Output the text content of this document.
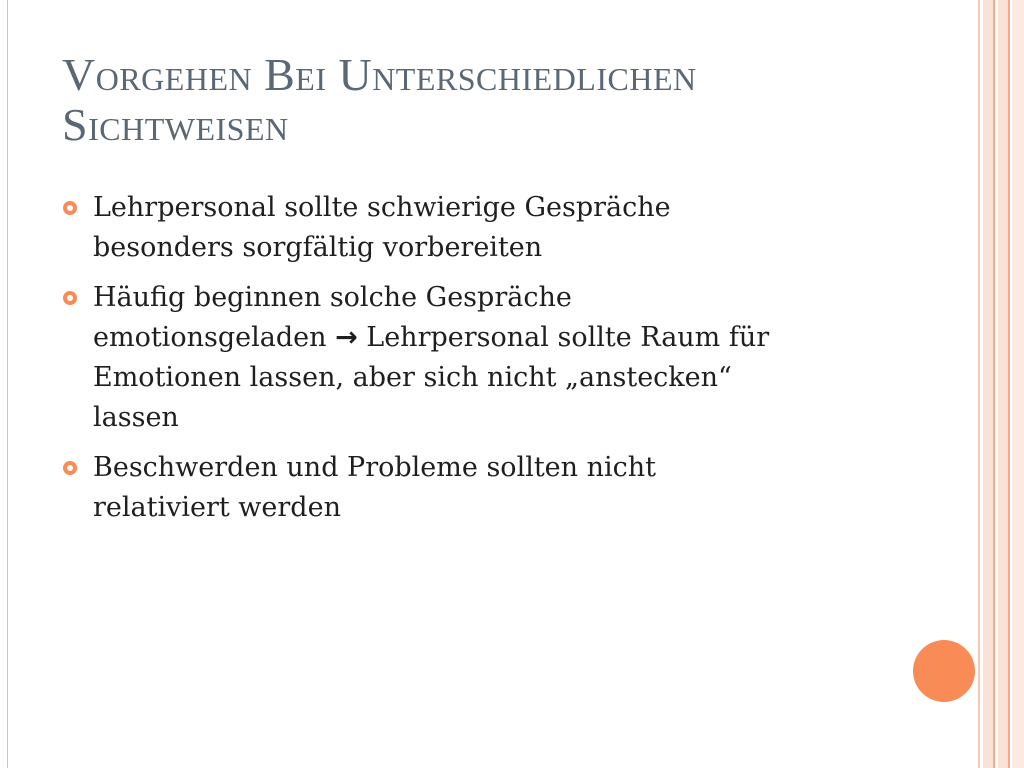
Vorgehen Bei Unterschiedlichen
Sichtweisen
Lehrpersonal sollte schwierige Gespräche
besonders sorgfältig vorbereiten
Häufig beginnen solche Gespräche
emotionsgeladen → Lehrpersonal sollte Raum für
Emotionen lassen, aber sich nicht „anstecken“
lassen
Beschwerden und Probleme sollten nicht
relativiert werden
